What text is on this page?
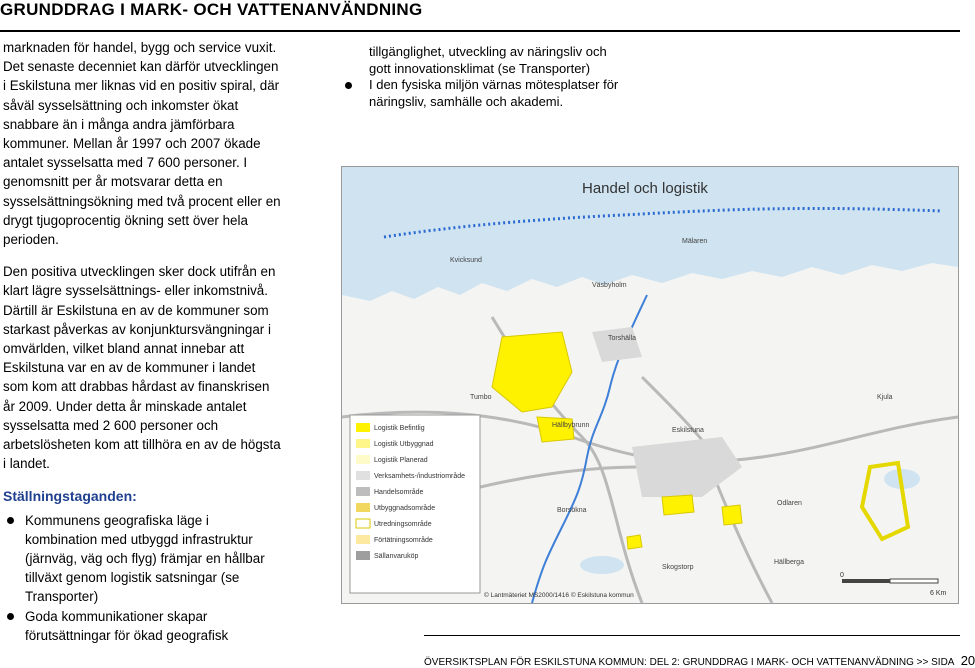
GRUNDDRAG I MARK- OCH VATTENANVÄNDNING

marknaden för handel, bygg och service vuxit. Det senaste decenniet kan därför utvecklingen i Eskilstuna mer liknas vid en positiv spiral, där såväl sysselsättning och inkomster ökat snabbare än i många andra jämförbara kommuner. Mellan år 1997 och 2007 ökade antalet sysselsatta med 7 600 personer. I genomsnitt per år motsvarar detta en sysselsättningsökning med två procent eller en drygt tjugoprocentig ökning sett över hela perioden.

Den positiva utvecklingen sker dock utifrån en klart lägre sysselsättnings- eller inkomstnivå. Därtill är Eskilstuna en av de kommuner som starkast påverkas av konjunktursvängningar i omvärlden, vilket bland annat innebar att Eskilstuna var en av de kommuner i landet som kom att drabbas hårdast av finanskrisen år 2009. Under detta år minskade antalet sysselsatta med 2 600 personer och arbetslösheten kom att tillhöra en av de högsta i landet.

Ställningstaganden:
Kommunens geografiska läge i kombination med utbyggd infrastruktur (järnväg, väg och flyg) främjar en hållbar tillväxt genom logistik satsningar (se Transporter)
Goda kommunikationer skapar förutsättningar för ökad geografisk
tillgänglighet, utveckling av näringsliv och gott innovationsklimat (se Transporter)
I den fysiska miljön värnas mötesplatser för näringsliv, samhälle och akademi.
Logistik Befintlig
Logistik Utbyggnad
Logistik Planerad
Verksamhets-/industriområde
Handelsområde
Utbyggnadsområde
Utredningsområde
Förtätningsområde
Sällanvaruköp
Handel och logistik
Mälaren
Kvicksund
Väsbyholm
Torshälla
Tumbo
Hällbybrunn
Eskilstuna
Kjula
Odlaren
Borsökna
Skogstorp
Hällberga
0
6 Km
© Lantmäteriet MS2000/1416 © Eskilstuna kommun
ÖVERSIKTSPLAN FÖR ESKILSTUNA KOMMUN: DEL 2: GRUNDDRAG I MARK- OCH VATTENANVÄDNING >> SIDA 20
